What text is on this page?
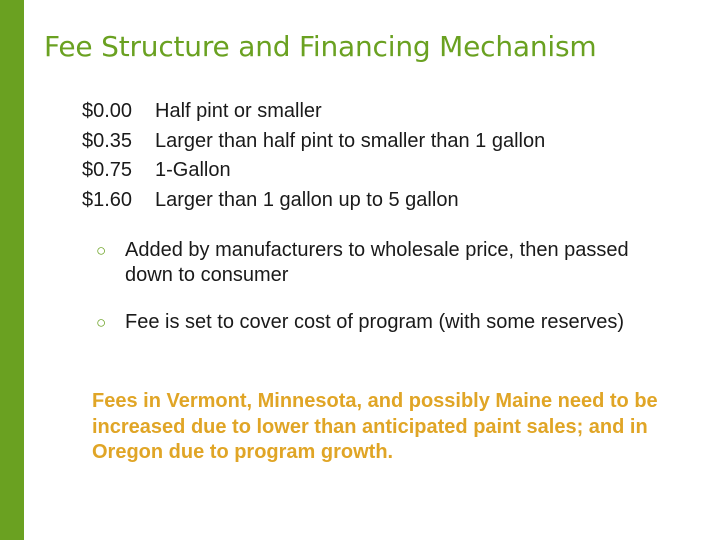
Fee Structure and Financing Mechanism
$0.00	Half pint or smaller
$0.35	Larger than half pint to smaller than 1 gallon
$0.75	1-Gallon
$1.60	Larger than 1 gallon up to 5 gallon
○ Added by manufacturers to wholesale price, then passed down to consumer
○ Fee is set to cover cost of program (with some reserves)
Fees in Vermont, Minnesota, and possibly Maine need to be increased due to lower than anticipated paint sales; and in Oregon due to program growth.
